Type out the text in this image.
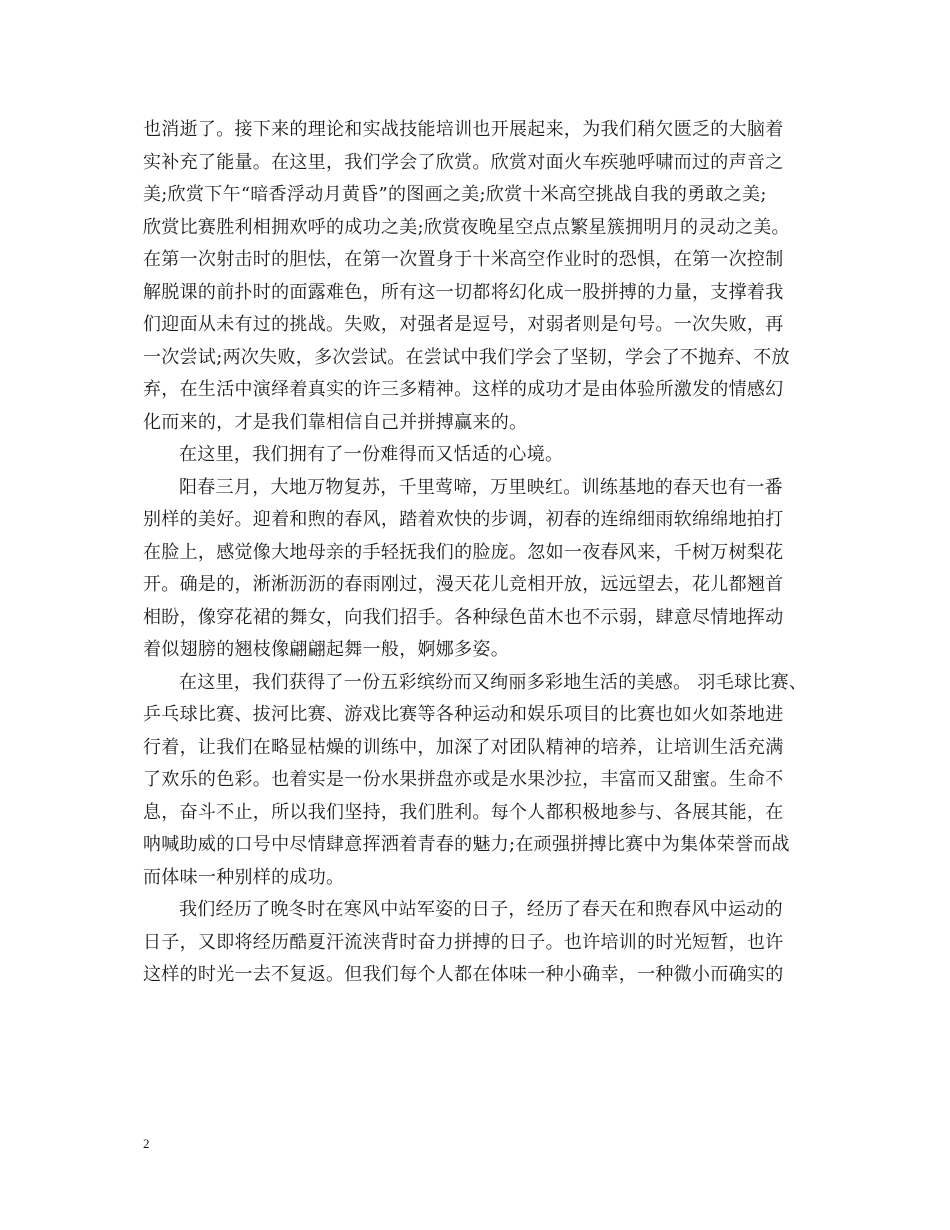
也消逝了。接下来的理论和实战技能培训也开展起来，为我们稍欠匮乏的大脑着
实补充了能量。在这里，我们学会了欣赏。欣赏对面火车疾驰呼啸而过的声音之
美;欣赏下午“暗香浮动月黄昏”的图画之美;欣赏十米高空挑战自我的勇敢之美;
欣赏比赛胜利相拥欢呼的成功之美;欣赏夜晚星空点点繁星簇拥明月的灵动之美。
在第一次射击时的胆怯，在第一次置身于十米高空作业时的恐惧，在第一次控制
解脱课的前扑时的面露难色，所有这一切都将幻化成一股拼搏的力量，支撑着我
们迎面从未有过的挑战。失败，对强者是逗号，对弱者则是句号。一次失败，再
一次尝试;两次失败，多次尝试。在尝试中我们学会了坚韧，学会了不抛弃、不放
弃，在生活中演绎着真实的许三多精神。这样的成功才是由体验所激发的情感幻
化而来的，才是我们靠相信自己并拼搏赢来的。
在这里，我们拥有了一份难得而又恬适的心境。
阳春三月，大地万物复苏，千里莺啼，万里映红。训练基地的春天也有一番
别样的美好。迎着和煦的春风，踏着欢快的步调，初春的连绵细雨软绵绵地拍打
在脸上，感觉像大地母亲的手轻抚我们的脸庞。忽如一夜春风来，千树万树梨花
开。确是的，淅淅沥沥的春雨刚过，漫天花儿竞相开放，远远望去，花儿都翘首
相盼，像穿花裙的舞女，向我们招手。各种绿色苗木也不示弱，肆意尽情地挥动
着似翅膀的翘枝像翩翩起舞一般，婀娜多姿。
在这里，我们获得了一份五彩缤纷而又绚丽多彩地生活的美感。 羽毛球比赛、
乒乓球比赛、拔河比赛、游戏比赛等各种运动和娱乐项目的比赛也如火如荼地进
行着，让我们在略显枯燥的训练中，加深了对团队精神的培养，让培训生活充满
了欢乐的色彩。也着实是一份水果拼盘亦或是水果沙拉，丰富而又甜蜜。生命不
息，奋斗不止，所以我们坚持，我们胜利。每个人都积极地参与、各展其能，在
呐喊助威的口号中尽情肆意挥洒着青春的魅力;在顽强拼搏比赛中为集体荣誉而战
而体味一种别样的成功。
我们经历了晚冬时在寒风中站军姿的日子，经历了春天在和煦春风中运动的
日子，又即将经历酷夏汗流浃背时奋力拼搏的日子。也许培训的时光短暂，也许
这样的时光一去不复返。但我们每个人都在体味一种小确幸，一种微小而确实的
2
